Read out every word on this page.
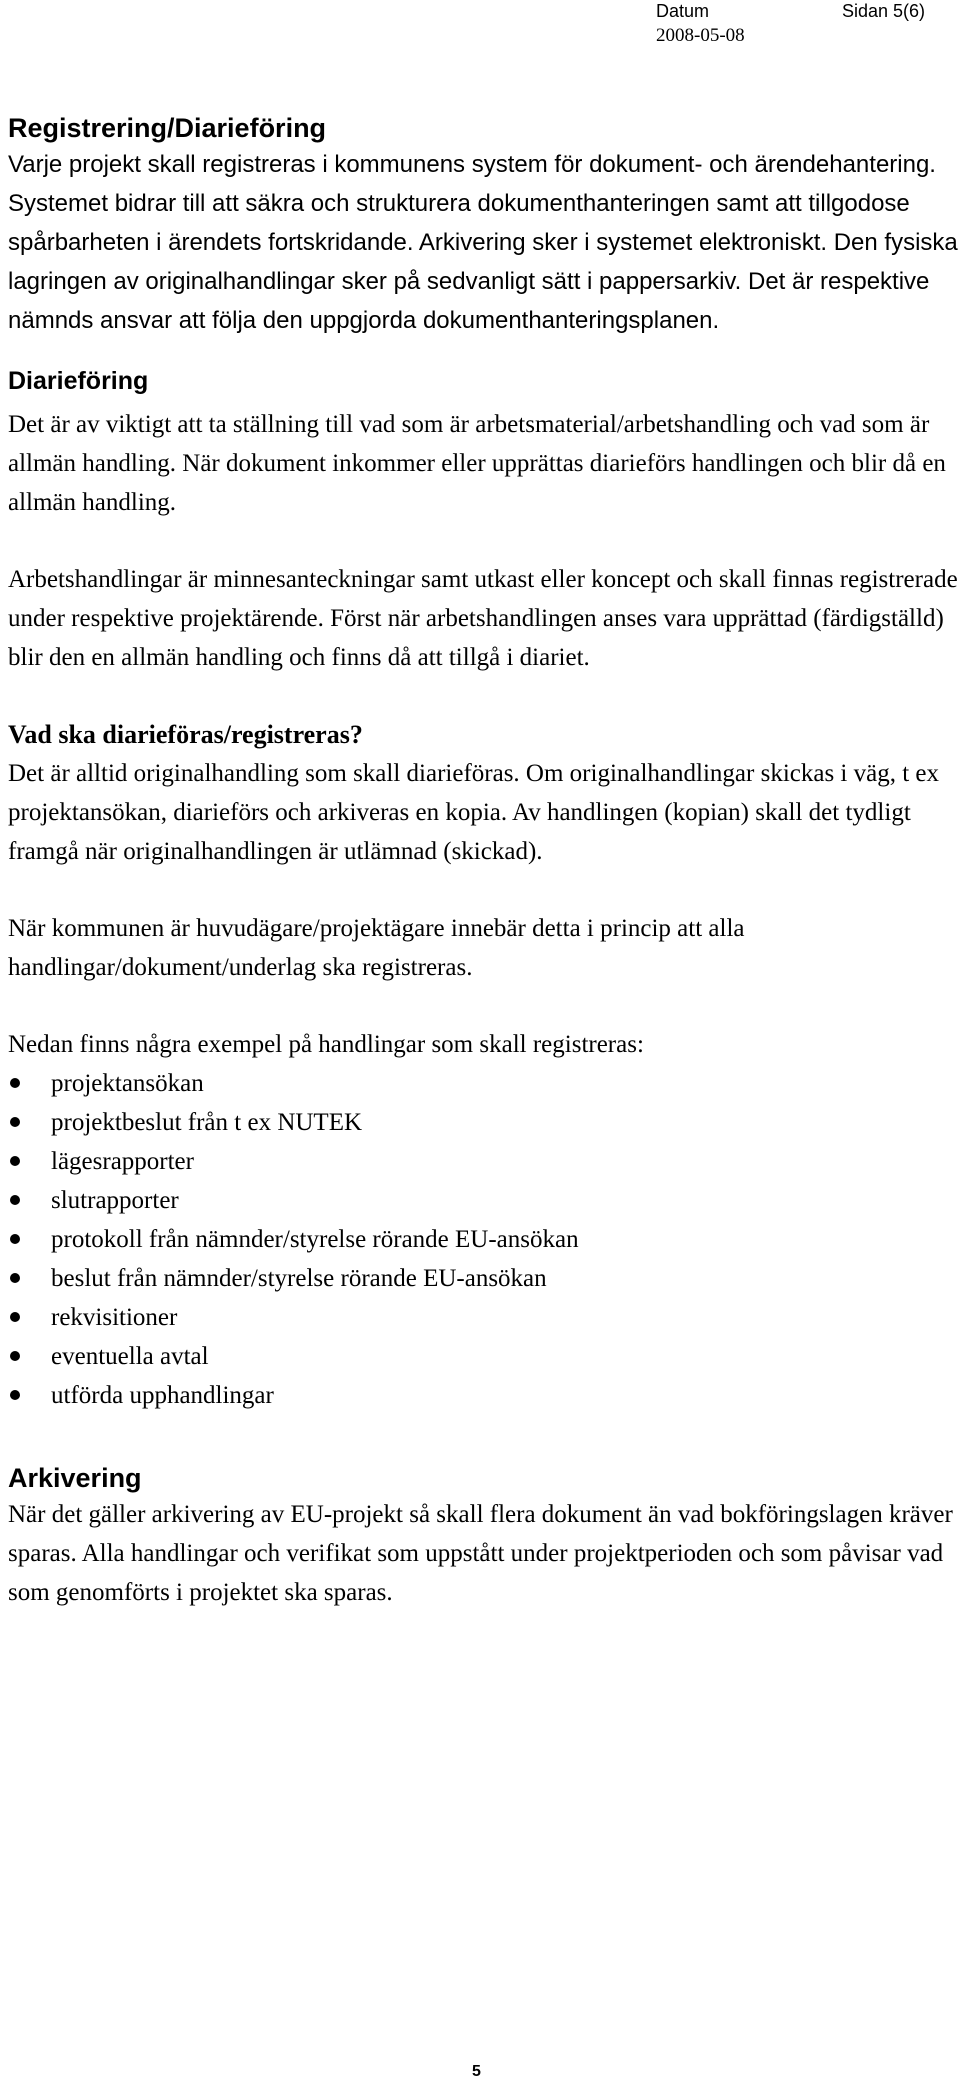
Datum	Sidan 5(6)
2008-05-08
Registrering/Diarieföring

Varje projekt skall registreras i kommunens system för dokument- och ärendehantering. Systemet bidrar till att säkra och strukturera dokumenthanteringen samt att tillgodose spårbarheten i ärendets fortskridande. Arkivering sker i systemet elektroniskt. Den fysiska lagringen av originalhandlingar sker på sedvanligt sätt i pappersarkiv. Det är respektive nämnds ansvar att följa den uppgjorda dokumenthanteringsplanen.

Diarieföring

Det är av viktigt att ta ställning till vad som är arbetsmaterial/arbetshandling och vad som är allmän handling. När dokument inkommer eller upprättas diarieförs handlingen och blir då en allmän handling.

Arbetshandlingar är minnesanteckningar samt utkast eller koncept och skall finnas registrerade under respektive projektärende. Först när arbetshandlingen anses vara upprättad (färdigställd) blir den en allmän handling och finns då att tillgå i diariet.

Vad ska diarieföras/registreras?

Det är alltid originalhandling som skall diarieföras. Om originalhandlingar skickas i väg, t ex projektansökan, diarieförs och arkiveras en kopia. Av handlingen (kopian) skall det tydligt framgå när originalhandlingen är utlämnad (skickad).

När kommunen är huvudägare/projektägare innebär detta i princip att alla handlingar/dokument/underlag ska registreras.

Nedan finns några exempel på handlingar som skall registreras:

projektansökan
projektbeslut från t ex NUTEK
lägesrapporter
slutrapporter
protokoll från nämnder/styrelse rörande EU-ansökan
beslut från nämnder/styrelse rörande EU-ansökan
rekvisitioner
eventuella avtal
utförda upphandlingar
Arkivering

När det gäller arkivering av EU-projekt så skall flera dokument än vad bokföringslagen kräver sparas. Alla handlingar och verifikat som uppstått under projektperioden och som påvisar vad som genomförts i projektet ska sparas.

5
